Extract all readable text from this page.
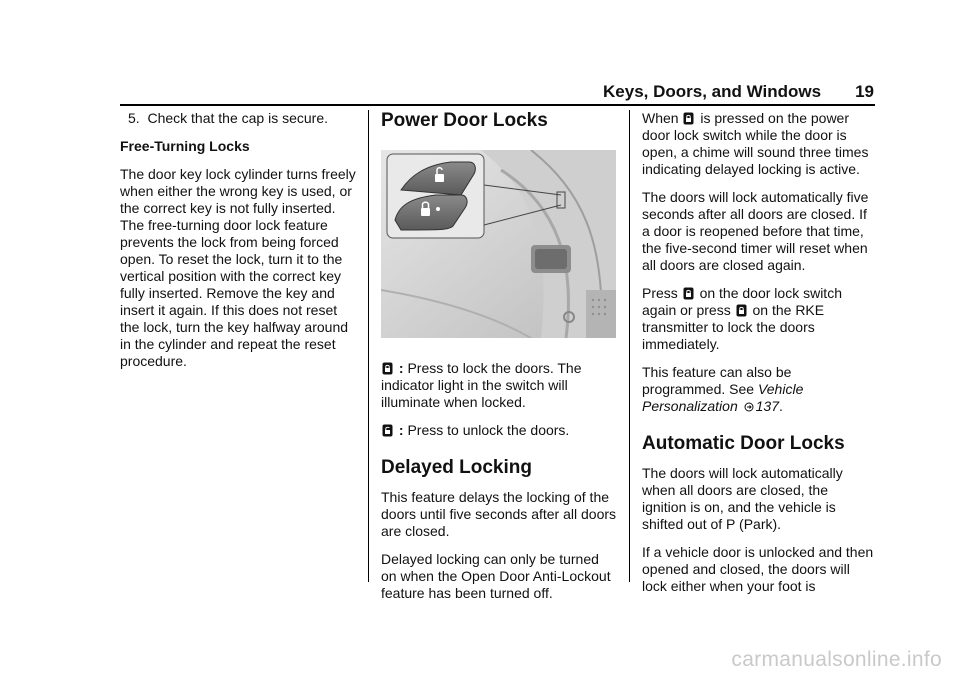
Keys, Doors, and Windows 19

5.  Check that the cap is secure.

Free-Turning Locks

The door key lock cylinder turns freely when either the wrong key is used, or the correct key is not fully inserted. The free-turning door lock feature prevents the lock from being forced open. To reset the lock, turn it to the vertical position with the correct key fully inserted. Remove the key and insert it again. If this does not reset the lock, turn the key halfway around in the cylinder and repeat the reset procedure.

Power Door Locks

: Press to lock the doors. The indicator light in the switch will illuminate when locked.

: Press to unlock the doors.

Delayed Locking

This feature delays the locking of the doors until five seconds after all doors are closed.

Delayed locking can only be turned on when the Open Door Anti-Lockout feature has been turned off.

When is pressed on the power door lock switch while the door is open, a chime will sound three times indicating delayed locking is active.

The doors will lock automatically five seconds after all doors are closed. If a door is reopened before that time, the five-second timer will reset when all doors are closed again.

Press on the door lock switch again or press on the RKE transmitter to lock the doors immediately.

This feature can also be programmed. See Vehicle Personalization 137.

Automatic Door Locks

The doors will lock automatically when all doors are closed, the ignition is on, and the vehicle is shifted out of P (Park).

If a vehicle door is unlocked and then opened and closed, the doors will lock either when your foot is

carmanualsonline.info
